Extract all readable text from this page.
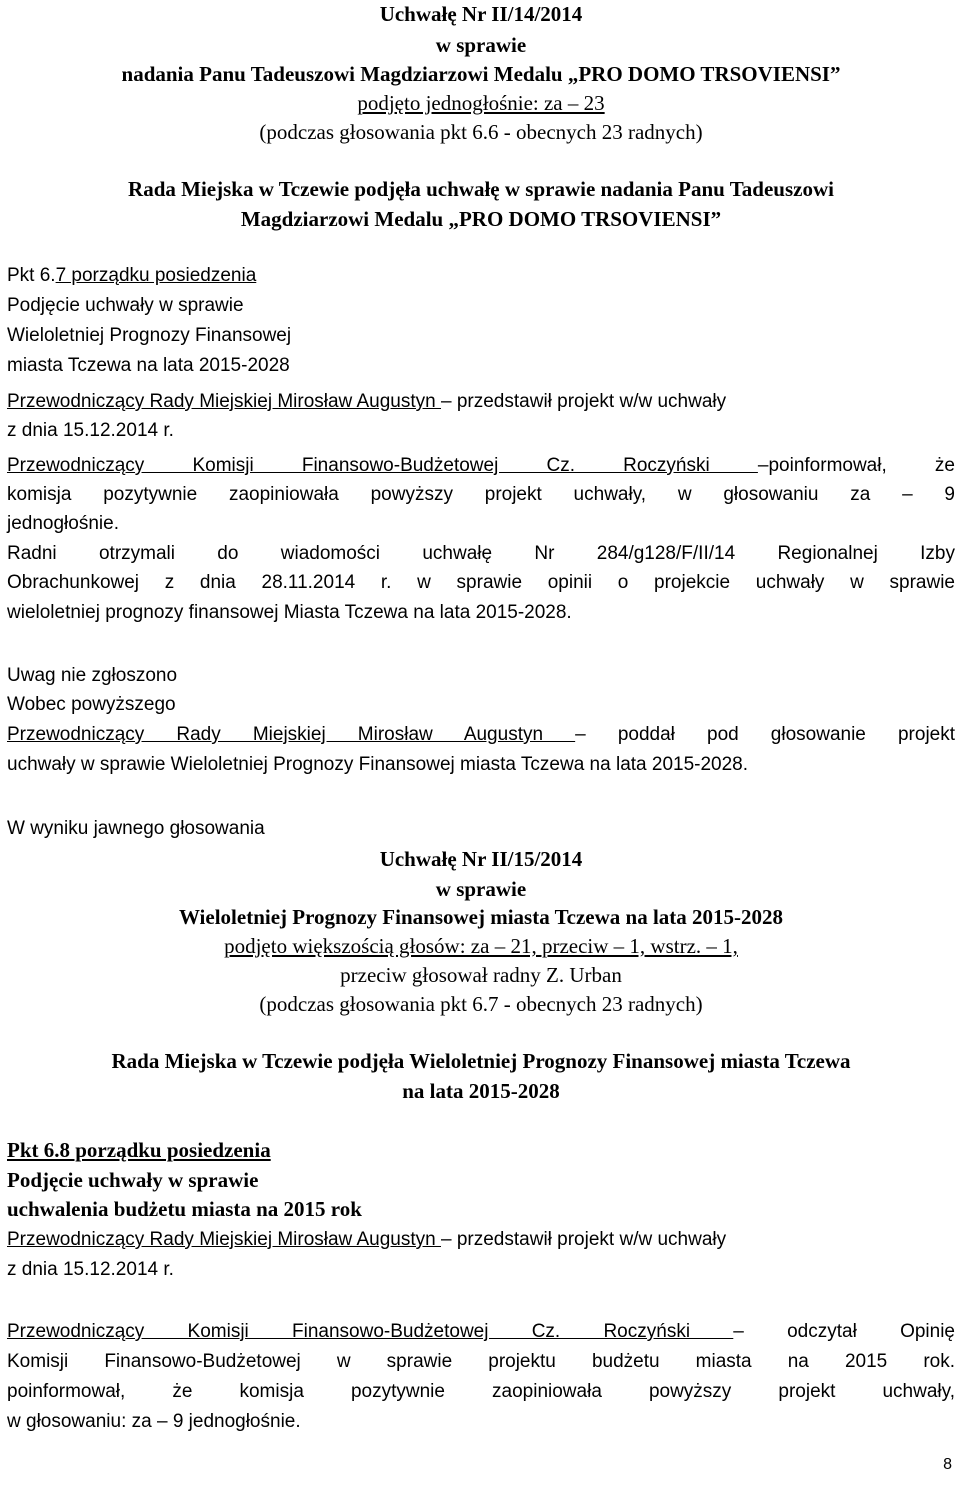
Uchwałę Nr II/14/2014
w sprawie
nadania Panu Tadeuszowi Magdziarzowi Medalu „PRO DOMO TRSOVIENSI”
podjęto jednogłośnie: za – 23
(podczas głosowania pkt 6.6 - obecnych 23 radnych)
Rada Miejska w Tczewie podjęła uchwałę w sprawie nadania Panu Tadeuszowi
Magdziarzowi Medalu „PRO DOMO TRSOVIENSI”
Pkt 6.7 porządku posiedzenia
Podjęcie uchwały w sprawie
Wieloletniej Prognozy Finansowej
miasta Tczewa na lata 2015-2028
Przewodniczący Rady Miejskiej Mirosław Augustyn – przedstawił projekt w/w uchwały
z dnia 15.12.2014 r.
Przewodniczący Komisji Finansowo-Budżetowej Cz. Roczyński –poinformował, że
komisja pozytywnie zaopiniowała powyższy projekt uchwały, w głosowaniu za – 9
jednogłośnie.
Radni otrzymali do wiadomości uchwałę Nr 284/g128/F/II/14 Regionalnej Izby
Obrachunkowej z dnia 28.11.2014 r. w sprawie opinii o projekcie uchwały w sprawie
wieloletniej prognozy finansowej Miasta Tczewa na lata 2015-2028.
Uwag nie zgłoszono
Wobec powyższego
Przewodniczący Rady Miejskiej Mirosław Augustyn – poddał pod głosowanie projekt
uchwały w sprawie Wieloletniej Prognozy Finansowej miasta Tczewa na lata 2015-2028.
W wyniku jawnego głosowania
Uchwałę Nr II/15/2014
w sprawie
Wieloletniej Prognozy Finansowej miasta Tczewa na lata 2015-2028
podjęto większością głosów: za – 21, przeciw – 1, wstrz. – 1,
przeciw głosował radny Z. Urban
(podczas głosowania pkt 6.7 - obecnych 23 radnych)
Rada Miejska w Tczewie podjęła Wieloletniej Prognozy Finansowej miasta Tczewa
na lata 2015-2028
Pkt 6.8 porządku posiedzenia
Podjęcie uchwały w sprawie
uchwalenia budżetu miasta na 2015 rok
Przewodniczący Rady Miejskiej Mirosław Augustyn – przedstawił projekt w/w uchwały
z dnia 15.12.2014 r.
Przewodniczący Komisji Finansowo-Budżetowej Cz. Roczyński – odczytał Opinię
Komisji Finansowo-Budżetowej w sprawie projektu budżetu miasta na 2015 rok.
poinformował, że komisja pozytywnie zaopiniowała powyższy projekt uchwały,
w głosowaniu: za – 9 jednogłośnie.
8
